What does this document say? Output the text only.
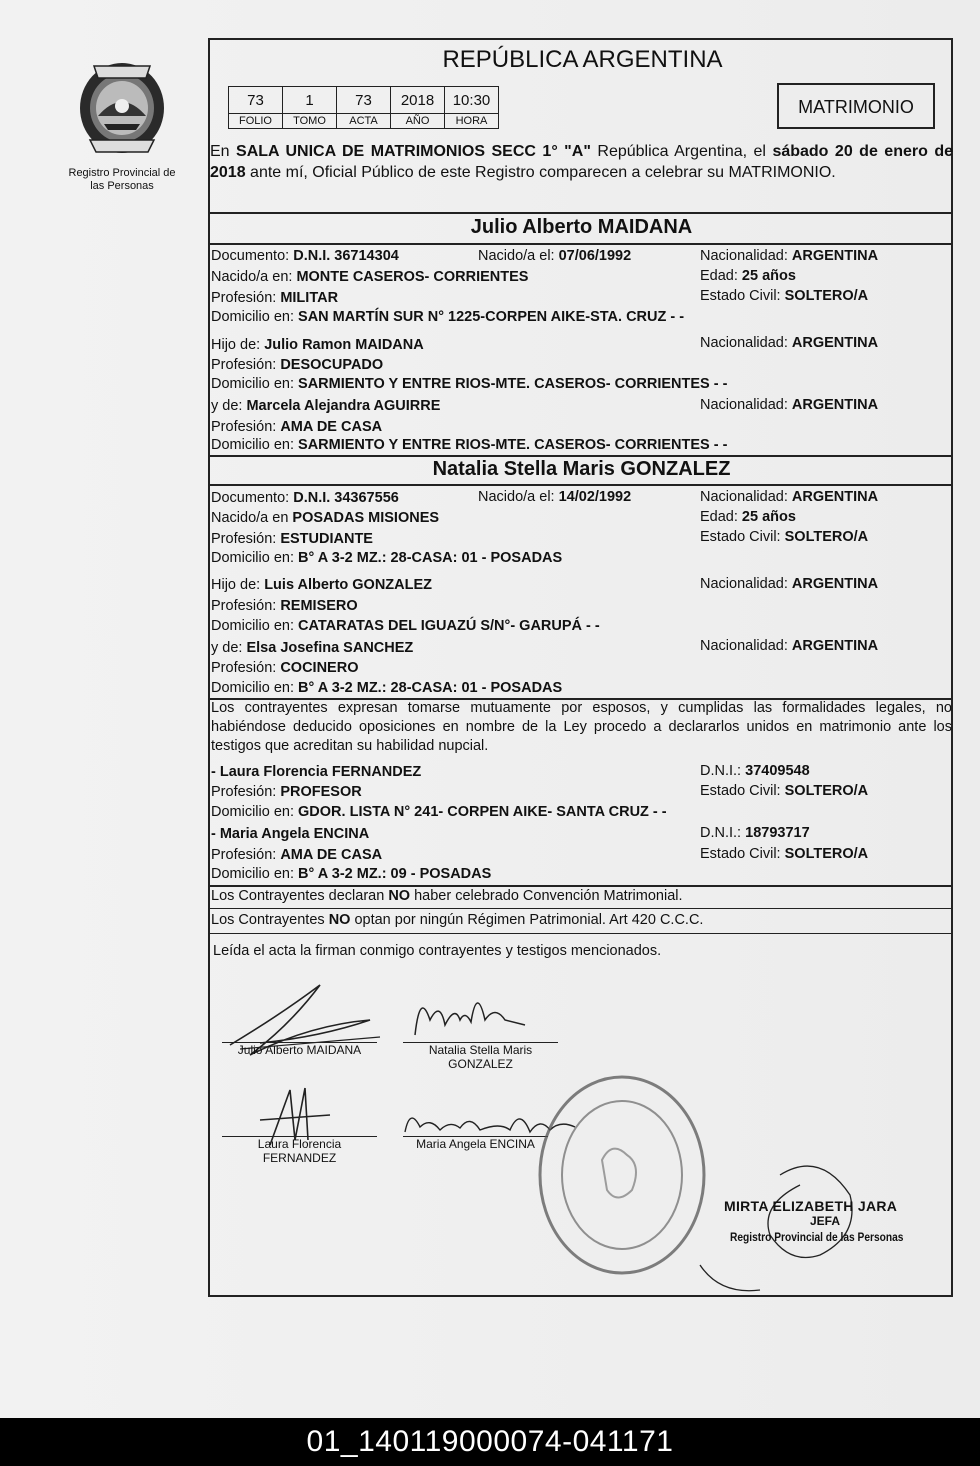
Registro Provincial de las Personas
REPÚBLICA ARGENTINA
73	1	73	2018	10:30
FOLIO	TOMO	ACTA	AÑO	HORA
MATRIMONIO
En SALA UNICA DE MATRIMONIOS SECC 1° "A" República Argentina, el sábado 20 de enero de 2018 ante mí, Oficial Público de este Registro comparecen a celebrar su MATRIMONIO.
Julio Alberto MAIDANA
Documento: D.N.I. 36714304	Nacido/a el: 07/06/1992	Nacionalidad: ARGENTINA
Nacido/a en: MONTE CASEROS- CORRIENTES	Edad: 25 años
Profesión: MILITAR	Estado Civil: SOLTERO/A
Domicilio en: SAN MARTÍN SUR N° 1225-CORPEN AIKE-STA. CRUZ - -
Hijo de: Julio Ramon MAIDANA	Nacionalidad: ARGENTINA
Profesión: DESOCUPADO
Domicilio en: SARMIENTO Y ENTRE RIOS-MTE. CASEROS- CORRIENTES - -
y de: Marcela Alejandra AGUIRRE	Nacionalidad: ARGENTINA
Profesión: AMA DE CASA
Domicilio en: SARMIENTO Y ENTRE RIOS-MTE. CASEROS- CORRIENTES - -
Natalia Stella Maris GONZALEZ
Documento: D.N.I. 34367556	Nacido/a el: 14/02/1992	Nacionalidad: ARGENTINA
Nacido/a en POSADAS MISIONES	Edad: 25 años
Profesión: ESTUDIANTE	Estado Civil: SOLTERO/A
Domicilio en: B° A 3-2 MZ.: 28-CASA: 01 - POSADAS
Hijo de: Luis Alberto GONZALEZ	Nacionalidad: ARGENTINA
Profesión: REMISERO
Domicilio en: CATARATAS DEL IGUAZÚ S/N°- GARUPÁ - -
y de: Elsa Josefina SANCHEZ	Nacionalidad: ARGENTINA
Profesión: COCINERO
Domicilio en: B° A 3-2 MZ.: 28-CASA: 01 - POSADAS
Los contrayentes expresan tomarse mutuamente por esposos, y cumplidas las formalidades legales, no habiéndose deducido oposiciones en nombre de la Ley procedo a declararlos unidos en matrimonio ante los testigos que acreditan su habilidad nupcial.
- Laura Florencia FERNANDEZ	D.N.I.: 37409548
Profesión: PROFESOR	Estado Civil: SOLTERO/A
Domicilio en: GDOR. LISTA N° 241- CORPEN AIKE- SANTA CRUZ - -
- Maria Angela ENCINA	D.N.I.: 18793717
Profesión: AMA DE CASA	Estado Civil: SOLTERO/A
Domicilio en: B° A 3-2 MZ.: 09 - POSADAS
Los Contrayentes declaran NO haber celebrado Convención Matrimonial.
Los Contrayentes NO optan por ningún Régimen Patrimonial. Art 420 C.C.C.
Leída el acta la firman conmigo contrayentes y testigos mencionados.
Julio Alberto MAIDANA	Natalia Stella Maris GONZALEZ
Laura Florencia FERNANDEZ
Maria Angela ENCINA
MIRTA ELIZABETH JARA
JEFA
Registro Provincial de las Personas
01_140119000074-041171
